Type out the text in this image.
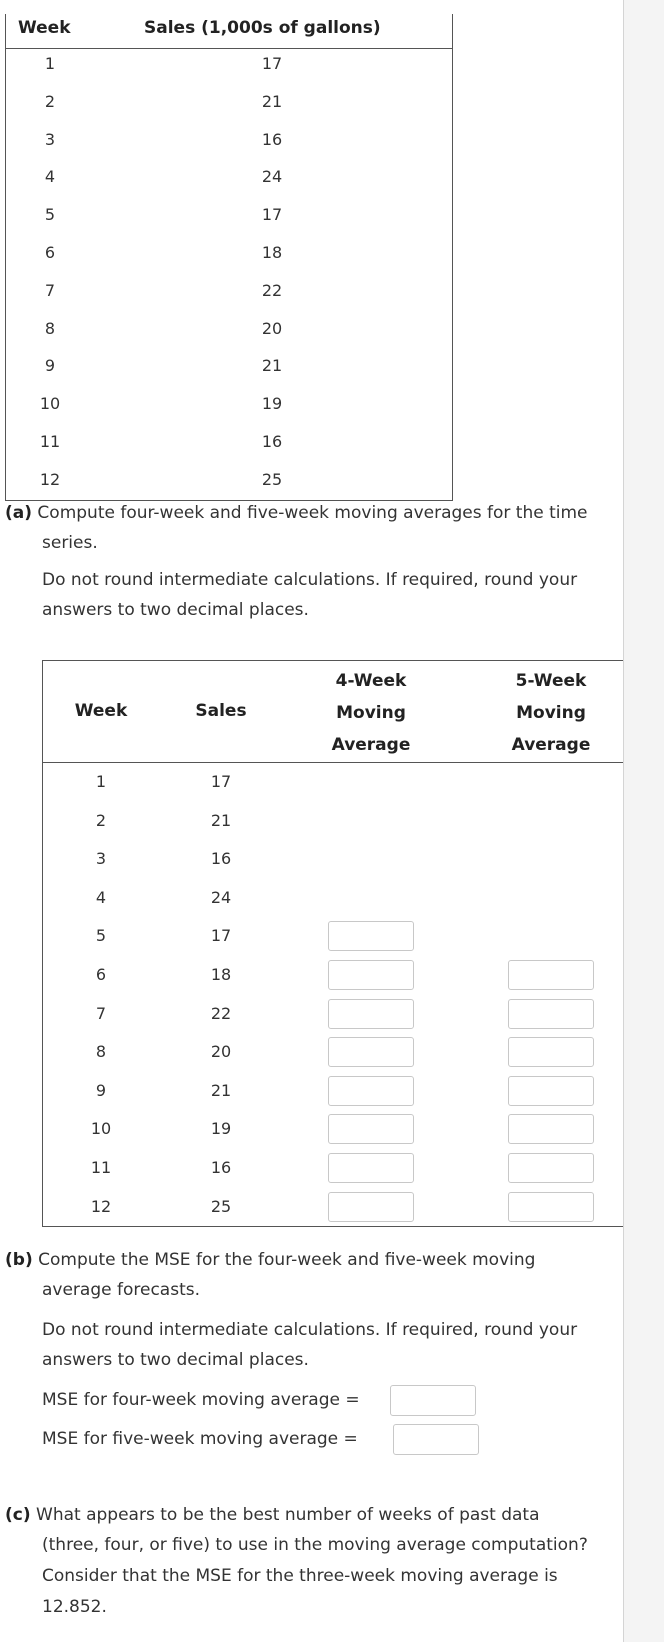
Week	Sales (1,000s of gallons)
1	17
2	21
3	16
4	24
5	17
6	18
7	22
8	20
9	21
10	19
11	16
12	25
(a) Compute four-week and five-week moving averages for the time
series.
Do not round intermediate calculations. If required, round your
answers to two decimal places.
Week	Sales
4-Week
Moving
Average
5-Week
Moving
Average
1	17
2	21
3	16
4	24
5	17
6	18
7	22
8	20
9	21
10	19
11	16
12	25
(b) Compute the MSE for the four-week and five-week moving
average forecasts.
Do not round intermediate calculations. If required, round your
answers to two decimal places.
MSE for four-week moving average =
MSE for five-week moving average =
(c) What appears to be the best number of weeks of past data
(three, four, or five) to use in the moving average computation?
Consider that the MSE for the three-week moving average is
12.852.
